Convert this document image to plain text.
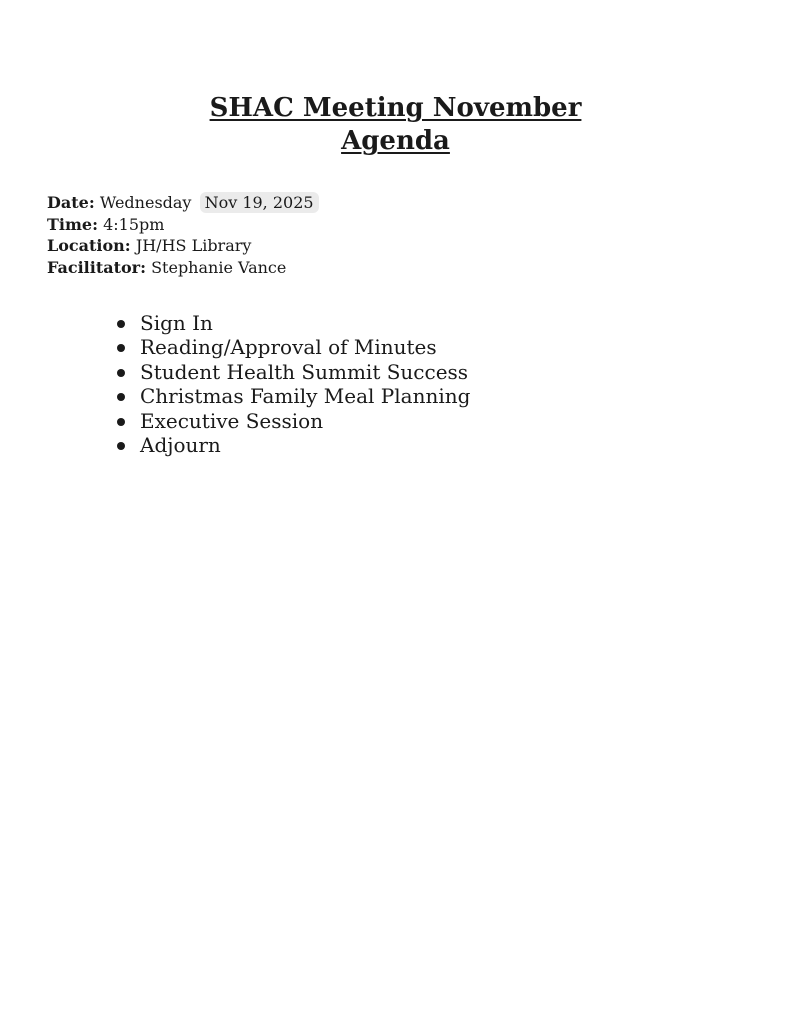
SHAC Meeting November
Agenda
Date: Wednesday Nov 19, 2025
Time: 4:15pm
Location: JH/HS Library
Facilitator: Stephanie Vance
Sign In
Reading/Approval of Minutes
Student Health Summit Success
Christmas Family Meal Planning
Executive Session
Adjourn
